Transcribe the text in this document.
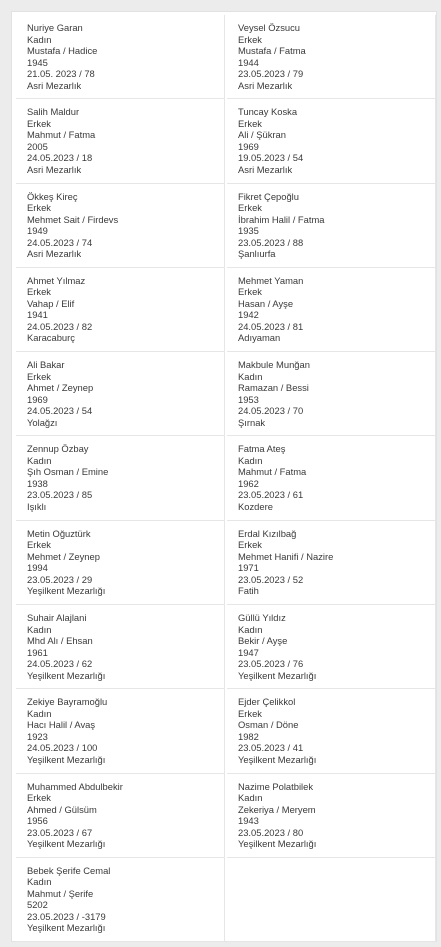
Nuriye Garan
Kadın
Mustafa / Hadice
1945
21.05. 2023 / 78
Asri Mezarlık
Veysel Özsucu
Erkek
Mustafa / Fatma
1944
23.05.2023 / 79
Asri Mezarlık
Salih Maldur
Erkek
Mahmut / Fatma
2005
24.05.2023 / 18
Asri Mezarlık
Tuncay Koska
Erkek
Ali / Şükran
1969
19.05.2023 / 54
Asri Mezarlık
Ökkeş Kireç
Erkek
Mehmet Sait / Firdevs
1949
24.05.2023 / 74
Asri Mezarlık
Fikret Çepoğlu
Erkek
İbrahim Halil / Fatma
1935
23.05.2023 / 88
Şanlıurfa
Ahmet Yılmaz
Erkek
Vahap / Elif
1941
24.05.2023 / 82
Karacaburç
Mehmet Yaman
Erkek
Hasan / Ayşe
1942
24.05.2023 / 81
Adıyaman
Ali Bakar
Erkek
Ahmet / Zeynep
1969
24.05.2023 / 54
Yolağzı
Makbule Munğan
Kadın
Ramazan / Bessi
1953
24.05.2023 / 70
Şırnak
Zennup Özbay
Kadın
Şıh Osman / Emine
1938
23.05.2023 / 85
Işıklı
Fatma Ateş
Kadın
Mahmut / Fatma
1962
23.05.2023 / 61
Kozdere
Metin Oğuztürk
Erkek
Mehmet / Zeynep
1994
23.05.2023 / 29
Yeşilkent Mezarlığı
Erdal Kızılbağ
Erkek
Mehmet Hanifi / Nazire
1971
23.05.2023 / 52
Fatih
Suhair Alajlani
Kadın
Mhd Alı / Ehsan
1961
24.05.2023 / 62
Yeşilkent Mezarlığı
Güllü Yıldız
Kadın
Bekir / Ayşe
1947
23.05.2023 / 76
Yeşilkent Mezarlığı
Zekiye Bayramoğlu
Kadın
Hacı Halil / Avaş
1923
24.05.2023 / 100
Yeşilkent Mezarlığı
Ejder Çelikkol
Erkek
Osman / Döne
1982
23.05.2023 / 41
Yeşilkent Mezarlığı
Muhammed Abdulbekir
Erkek
Ahmed / Gülsüm
1956
23.05.2023 / 67
Yeşilkent Mezarlığı
Nazime Polatbilek
Kadın
Zekeriya / Meryem
1943
23.05.2023 / 80
Yeşilkent Mezarlığı
Bebek Şerife Cemal
Kadın
Mahmut / Şerife
5202
23.05.2023 / -3179
Yeşilkent Mezarlığı
